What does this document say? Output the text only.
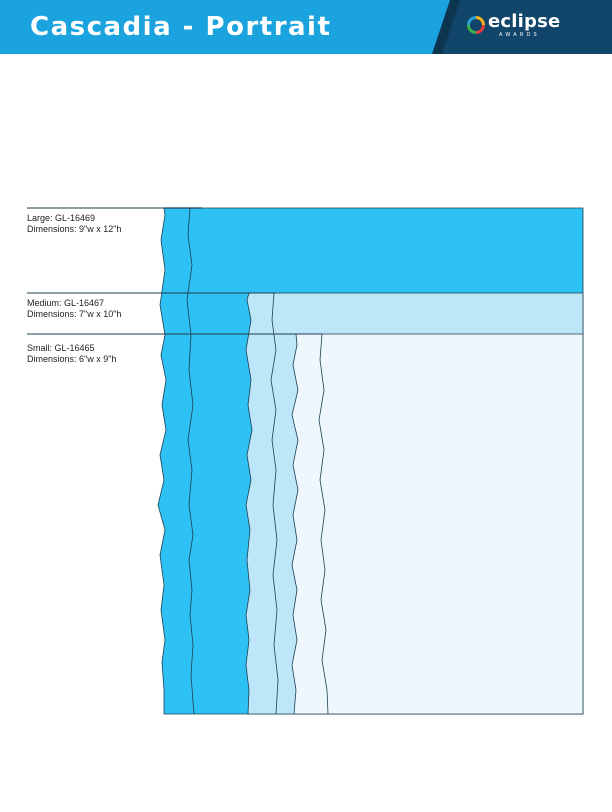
Cascadia - Portrait	eclipse
AWARDS
Large: GL-16469
Dimensions: 9"w x 12"h
Medium: GL-16467
Dimensions: 7"w x 10"h
Small: GL-16465
Dimensions: 6"w x 9"h
